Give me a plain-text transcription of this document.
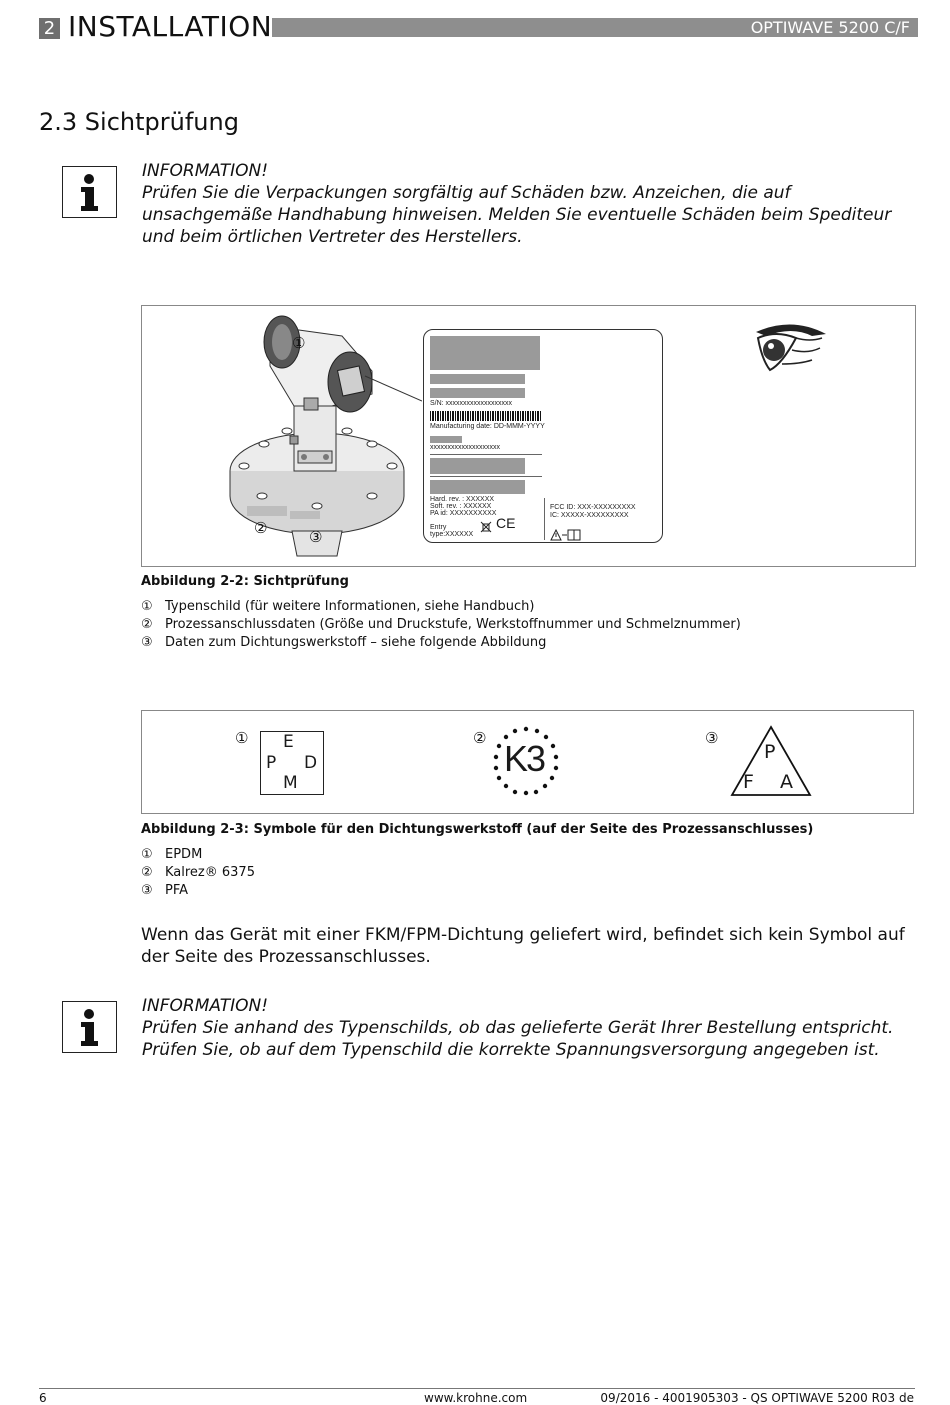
2 INSTALLATION	OPTIWAVE 5200 C/F
2.3 Sichtprüfung
INFORMATION!
Prüfen Sie die Verpackungen sorgfältig auf Schäden bzw. Anzeichen, die auf unsachgemäße Handhabung hinweisen. Melden Sie eventuelle Schäden beim Spediteur und beim örtlichen Vertreter des Herstellers.
①
②	③
S/N: xxxxxxxxxxxxxxxxxxx
Manufacturing date: DD-MMM-YYYY
xxxxxxxxxxxxxxxxxxxx
Hard. rev. : XXXXXX
Soft. rev. : XXXXXX
PA id: XXXXXXXXXX
Entry
type:XXXXXX
CE
FCC ID: XXX-XXXXXXXXX
IC: XXXXX-XXXXXXXXX
Abbildung 2-2: Sichtprüfung
① Typenschild (für weitere Informationen, siehe Handbuch)
② Prozessanschlussdaten (Größe und Druckstufe, Werkstoffnummer und Schmelznummer)
③ Daten zum Dichtungswerkstoff – siehe folgende Abbildung
① E
P D
M
② K3	③
P
F A
Abbildung 2-3: Symbole für den Dichtungswerkstoff (auf der Seite des Prozessanschlusses)
① EPDM
② Kalrez® 6375
③ PFA
Wenn das Gerät mit einer FKM/FPM-Dichtung geliefert wird, befindet sich kein Symbol auf der Seite des Prozessanschlusses.
INFORMATION!
Prüfen Sie anhand des Typenschilds, ob das gelieferte Gerät Ihrer Bestellung entspricht. Prüfen Sie, ob auf dem Typenschild die korrekte Spannungsversorgung angegeben ist.
6	www.krohne.com	09/2016 - 4001905303 - QS OPTIWAVE 5200 R03 de
